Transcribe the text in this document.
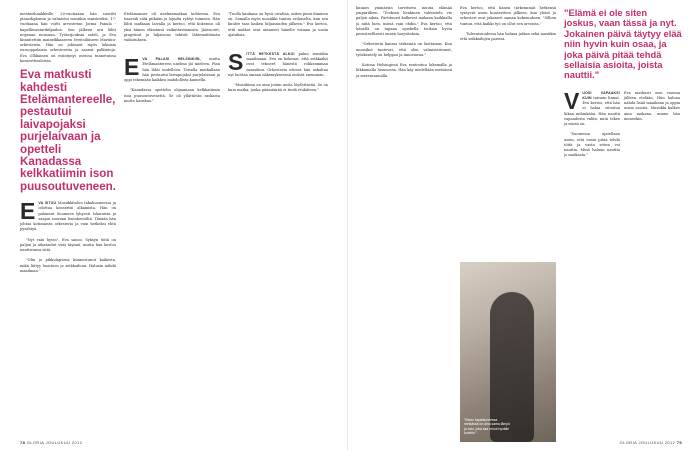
mentarihankkeille, 20-vuotiaana hän suoritti pianodiplomin ja valmistui musiikin maisteriksi. 17-vuotiaana hän voitti arvostetun Jorma Panula -kapellimestarikilpailun. Sen jälkeen ura lähti nopeaan nousuun. Työtarjouksia sateli, ja Eva kiinnitettiin maineikkaaseen Sveitsiläiseen Martinu-orkesteriin. Hän on johtanut myös lukuisia eurooppalaisia orkestereita ja saanut palkintoja. Eva Ollikainen on esiintynyt useissa tunnetuissa konserttisaleissa.

Eva matkusti kahdesti Etelämantereelle, pestautui laivapojaksi purjelaivaan ja opetteli Kanadassa kelkkatiimin ison puusoutuveneen.

EVA ISTUU Musiikkitalon takahuoneessa ja odottaa konsertin alkamista. Hän on palannut Suomeen lyhyesti Islannista ja saapui suoraan lentokentältä. Tänään hän johtaa kotimaista orkesteria ja vain hetkeksi ehtii pysähtyä.

"Nyt vain hyvin", Eva sanoo. Syksyn töitä on paljon ja aikataulut ovat täynnä, mutta hän kertoo nauttivansa siitä.

"Olin jo pikkulapsena kiinnostunut kaikesta, mikä liittyy luontoon ja seikkailuun. Halusin nähdä maailman."

Etelämanner oli unelmamatkan kohteena. Eva haaveili siitä pitkään ja lopulta ryhtyi toimeen. Hän lähti matkaan laivalla ja kertoo, että kokemus oli yksi hänen elämänsä vaikuttavimmista. Jäävuoret, pingviinit ja hiljaisuus tekivät lähtemättömän vaikutuksen.

EVA PALASI HELSINKIIN, mutta Etelämantereen unelma jäi mieleen. Pian hän lähti uudelleen. Toisella matkallaan hän pestautui laivapojaksi purjelaivaan ja oppi tekemään kaikkea mahdollista kannella.

"Kanadassa opettelin ohjaamaan kelkkatiimin isoa puusoutuvenettä. Se oli yllättävän raskasta mutta hauskaa."

"Tuolla kaukana on hyvä oivaltaa, miten pieni ihminen on. Samalla myös musiikki tuntuu erilaiselta, kun sen kuulee taas kaiken hiljaisuuden jälkeen." Eva kertoo, että matkat ovat antaneet hänelle voimaa ja uusia ajatuksia.

SITTÄ HETKESTÄ ALKOI paluu musiikin maailmaan. Eva on kokenut, että seikkailut ovat tehneet hänestä rohkeamman muusikon. Orkesterin edessä hän uskaltaa nyt luottaa omaan näkemykseensä entistä enemmän.

"Musiikissa on aina jotain uutta löydettävää. Se on kuin matka, jonka päämäärää ei tiedä etukäteen."

78 GLORIA JOULUKUU 2012

kunnes ymmärsin tarvitseva muuta elämää ympärilleen. "Teoksen henkinen valmistelu vie paljon aikaa. Partituurit kulkevat mukana kaikkialla ja niitä luen, missä vain ehdin." Eva kertoo, että hänellä on tapana opiskella teoksia hyvin perusteellisesti ennen harjoituksia.

"Orkesterin kanssa tärkeintä on luottamus. Kun muusikot tuntevat, että olen valmistautunut, työskentely on helppoa ja innostavaa."

Kotona Helsingissä Eva rentoutuu lukemalla ja liikkumalla luonnossa. Hän käy mielellään metsässä ja merenrannalla.

Eva kertoo, että hänen tärkeimmät hetkensä syntyvät usein konserttien jälkeen, kun yleisö ja orkesteri ovat jakaneet saman kokemuksen. "Silloin tuntuu, että kaikki työ on ollut sen arvoista."

Tulevaisuudessa hän haluaa jatkaa sekä musiikin että seikkailujen parissa.

"Eteen tapahtuneessa metsässä on aina sama lämpö ja valo, joka saa minut hyvälle tuulelle."
"Elämä ei ole siten joskus, vaan tässä ja nyt. Jokainen päivä täytyy elää niin hyvin kuin osaa, ja joka päivä pitää tehdä sellaisia asioita, joista nauttii."

VUOSI VAPAAKSI KUIN taivaan linnut. Eva kertoo, että hän ei halua sitoutua liikaa mihinkään. Hän nauttii vapaudesta valita, mitä tekee ja missä on.

"Suomessa ajatellaan usein, että ensin pitää tehdä töitä ja vasta sitten voi nauttia. Minä haluan nauttia jo matkasta."

Eva matkusti ensi vuonna jälleen etelään. Hän haluaa nähdä lisää maailmaa ja oppia uusia asioita. Musiikki kulkee aina mukana, minne hän meneekin.

GLORIA JOULUKUU 2012 79
